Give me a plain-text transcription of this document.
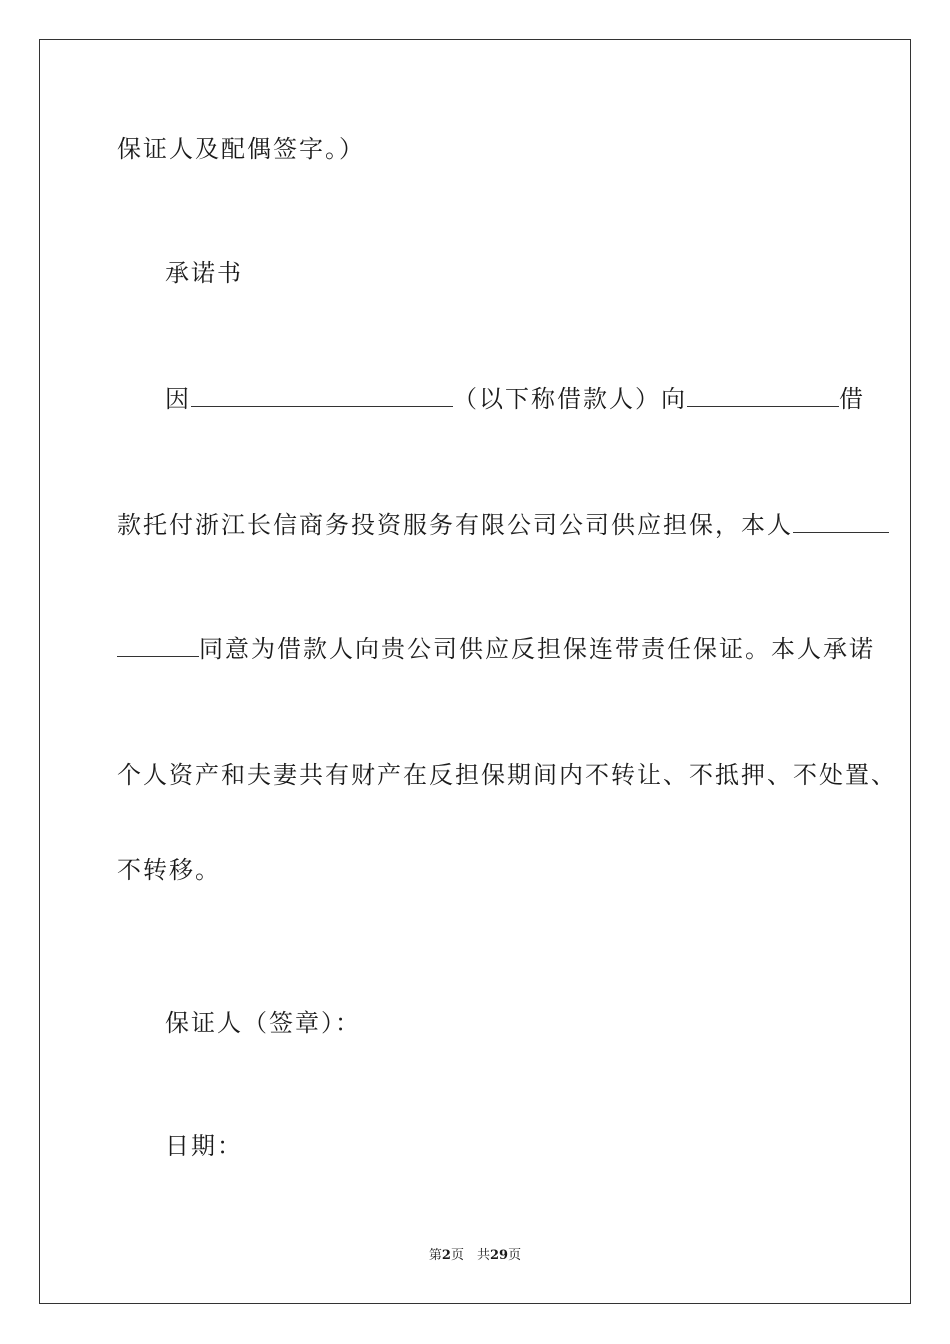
保证人及配偶签字。）
承诺书
因	（以下称借款人）向	借
款托付浙江长信商务投资服务有限公司公司供应担保，本人
同意为借款人向贵公司供应反担保连带责任保证。本人承诺
个人资产和夫妻共有财产在反担保期间内不转让、不抵押、不处置、
不转移。
保证人（签章）：
日期：
第2页　共29页
